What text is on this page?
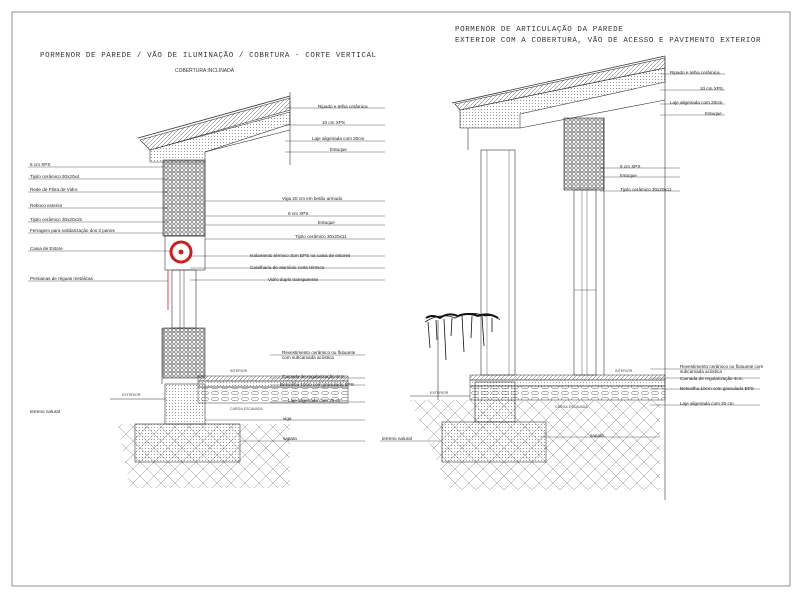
PORMENOR DE PAREDE / VÃO DE ILUMINAÇÃO / COBRTURA - CORTE VERTICAL
COBERTURA INCLINADA
PORMENOR DE ARTICULAÇÃO DA PAREDE
EXTERIOR COM A COBERTURA, VÃO DE ACESSO E PAVIMENTO EXTERIOR
Ripado e telha cerâmica
10 cm XPS
Laje aligeirada com 20cm
Estuque
Viga 20 cm em betão armado
6 cm XPS
Estuque
Tijolo cerâmico 30x20x11
Isolamento térmico 3cm EPS na caixa de estores
Caixilharia de alumínio corte térmico
Vidro duplo transparente
Revestimento cerâmico ou flutuante com subcamada acústica
Camada de regularização 4cm
Betonilha 10cm com granulado EPS
Laje aligeirada com 20 cm
viga
sapata
6 cm XPS
Tijolo cerâmico 30x20x4
Rede de Fibra de Vidro
Reboco exterior
Tijolo cerâmico 30x20x15
Ferragem para solidarização dos 2 panos
Caixa de Estore
Persianas de réguas metálicas
terreno natural
EXTERIOR
INTERIOR
CARGA ESCAVADA
Ripado e telha cerâmica
10 cm XPS
Laje aligeirada com 20cm
Estuque
6 cm XPS
Estuque
Tijolo cerâmico 30x20x11
Revestimento cerâmico ou flutuante com subcamada acústica
Camada de regularização 4cm
Betonilha 10cm com granulado EPS
Laje aligeirada com 20 cm
sapata
terreno natural
EXTERIOR
INTERIOR
CARGA ESCAVADA
